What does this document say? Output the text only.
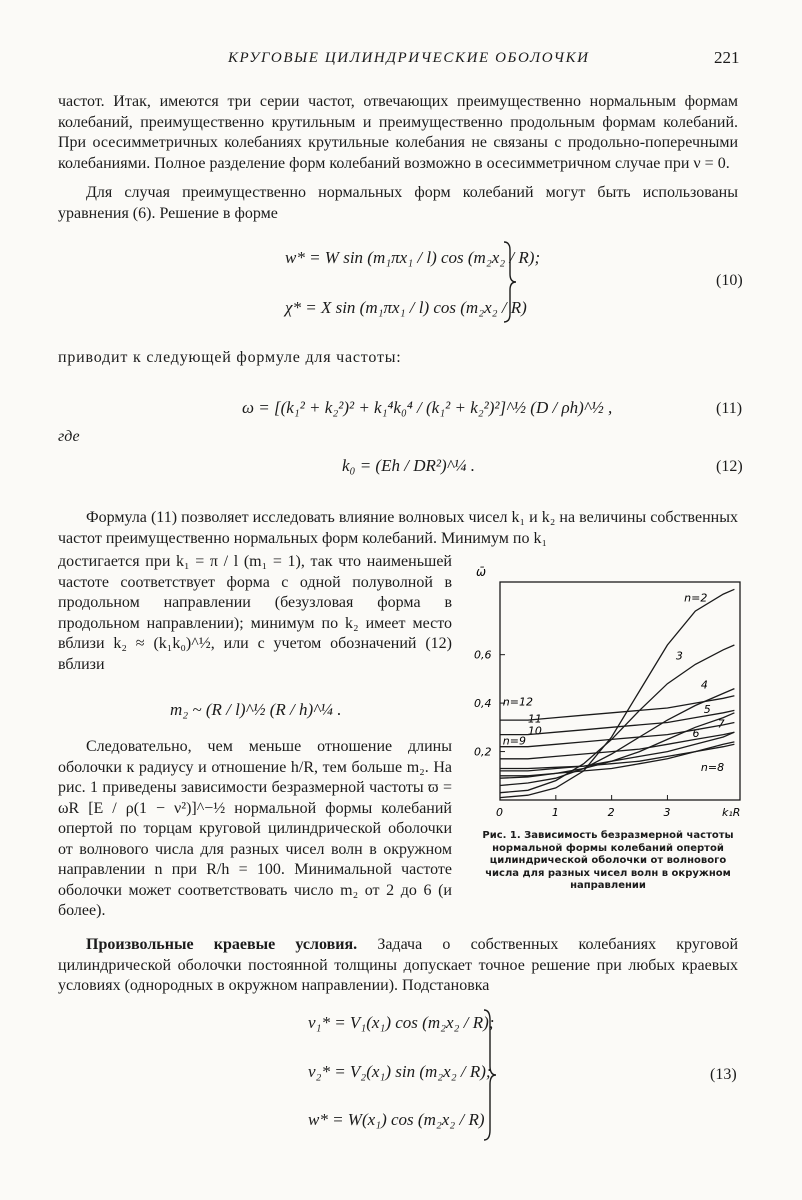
КРУГОВЫЕ ЦИЛИНДРИЧЕСКИЕ ОБОЛОЧКИ	221
частот. Итак, имеются три серии частот, отвечающих преимущественно нормальным формам колебаний, преимущественно крутильным и преимущественно продольным формам колебаний. При осесимметричных колебаниях крутильные колебания не связаны с продольно-поперечными колебаниями. Полное разделение форм колебаний возможно в осесимметричном случае при ν = 0.
Для случая преимущественно нормальных форм колебаний могут быть использованы уравнения (6). Решение в форме
w* = W sin (m₁πx₁ / l) cos (m₂x₂ / R);
χ* = X sin (m₁πx₁ / l) cos (m₂x₂ / R)
(10)
приводит к следующей формуле для частоты:
ω = [(k₁² + k₂²)² + k₁⁴k₀⁴ / (k₁² + k₂²)²]^½ (D / ρh)^½ ,	(11)
где
k₀ = (Eh / DR²)^¼ .	(12)
Формула (11) позволяет исследовать влияние волновых чисел k₁ и k₂ на величины собственных частот преимущественно нормальных форм колебаний. Минимум по k₁
достигается при k₁ = π / l (m₁ = 1), так что наименьшей частоте соответствует форма с одной полуволной в продольном направлении (безузловая форма в продольном направлении); минимум по k₂ имеет место вблизи k₂ ≈ (k₁k₀)^½, или с учетом обозначений (12) вблизи
m₂ ~ (R / l)^½ (R / h)^¼ .
Следовательно, чем меньше отношение длины оболочки к радиусу и отношение h/R, тем больше m₂. На рис. 1 приведены зависимости безразмерной частоты ϖ = ωR [E / ρ(1 − ν²)]^−½ нормальной формы колебаний опертой по торцам круговой цилиндрической оболочки от волнового числа для разных чисел волн в окружном направлении n при R/h = 100. Минимальной частоте оболочки может соответствовать число m₂ от 2 до 6 (и более).
0,2
0,4
0,6
0	1	2	3	k₁R
ω̄
n=2
3
4
5
6
7
n=8
n=9
10
11
n=12
Рис. 1. Зависимость безразмерной частоты нормальной формы колебаний опертой цилиндрической оболочки от волнового числа для разных чисел волн в окружном направлении
Произвольные краевые условия. Задача о собственных колебаниях круговой цилиндрической оболочки постоянной толщины допускает точное решение при любых краевых условиях (однородных в окружном направлении). Подстановка
v₁* = V₁(x₁) cos (m₂x₂ / R);
v₂* = V₂(x₁) sin (m₂x₂ / R);
w* = W(x₁) cos (m₂x₂ / R)
(13)
